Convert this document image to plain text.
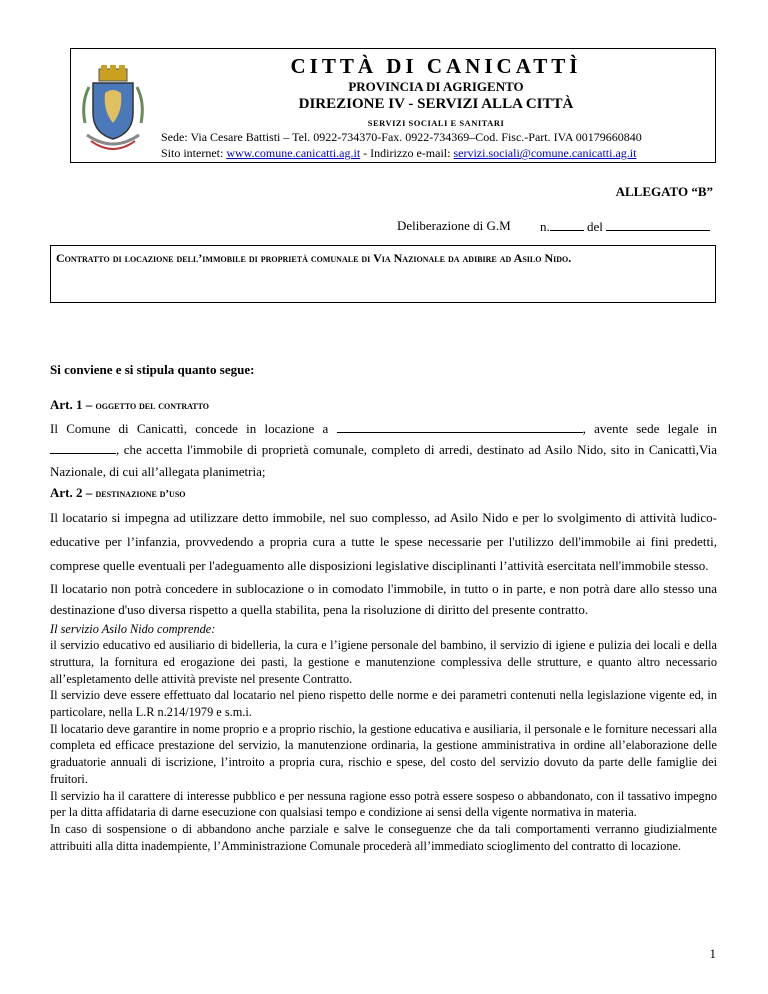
CITTÀ DI CANICATTÌ
PROVINCIA DI AGRIGENTO
DIREZIONE IV - SERVIZI ALLA CITTÀ
SERVIZI SOCIALI E SANITARI
Sede: Via Cesare Battisti – Tel. 0922-734370-Fax. 0922-734369–Cod. Fisc.-Part. IVA 00179660840
Sito internet: www.comune.canicatti.ag.it - Indirizzo e-mail: servizi.sociali@comune.canicatti.ag.it
ALLEGATO “B”
Deliberazione di G.M n.	del
Contratto di locazione dell’immobile di proprietà comunale di Via Nazionale da adibire ad Asilo Nido.

Si conviene e si stipula quanto segue:

Art. 1 – oggetto del contratto

Il Comune di Canicattì, concede in locazione a	, avente sede legale in , che accetta l'immobile di proprietà comunale, completo di arredi, destinato ad Asilo Nido, sito in Canicattì,Via Nazionale, di cui all’allegata planimetria;

Art. 2 – destinazione d’uso

Il locatario si impegna ad utilizzare detto immobile, nel suo complesso, ad Asilo Nido e per lo svolgimento di attività ludico-educative per l’infanzia, provvedendo a propria cura a tutte le spese necessarie per l'utilizzo dell'immobile ai fini predetti, comprese quelle eventuali per l'adeguamento alle disposizioni legislative disciplinanti l’attività esercitata nell'immobile stesso.

Il locatario non potrà concedere in sublocazione o in comodato l'immobile, in tutto o in parte, e non potrà dare allo stesso una destinazione d'uso diversa rispetto a quella stabilita, pena la risoluzione di diritto del presente contratto.

Il servizio Asilo Nido comprende:

il servizio educativo ed ausiliario di bidelleria, la cura e l’igiene personale del bambino, il servizio di igiene e pulizia dei locali e della struttura, la fornitura ed erogazione dei pasti, la gestione e manutenzione complessiva delle strutture, e quanto altro necessario all’espletamento delle attività previste nel presente Contratto.

Il servizio deve essere effettuato dal locatario nel pieno rispetto delle norme e dei parametri contenuti nella legislazione vigente ed, in particolare, nella L.R n.214/1979 e s.m.i.

Il locatario deve garantire in nome proprio e a proprio rischio, la gestione educativa e ausiliaria, il personale e le forniture necessari alla completa ed efficace prestazione del servizio, la manutenzione ordinaria, la gestione amministrativa in ordine all’elaborazione delle graduatorie annuali di iscrizione, l’introito a propria cura, rischio e spese, del costo del servizio dovuto da parte delle famiglie dei fruitori.

Il servizio ha il carattere di interesse pubblico e per nessuna ragione esso potrà essere sospeso o abbandonato, con il tassativo impegno per la ditta affidataria di darne esecuzione con qualsiasi tempo e condizione ai sensi della vigente normativa in materia.

In caso di sospensione o di abbandono anche parziale e salve le conseguenze che da tali comportamenti verranno giudizialmente attribuiti alla ditta inadempiente, l’Amministrazione Comunale procederà all’immediato scioglimento del contratto di locazione.

1
